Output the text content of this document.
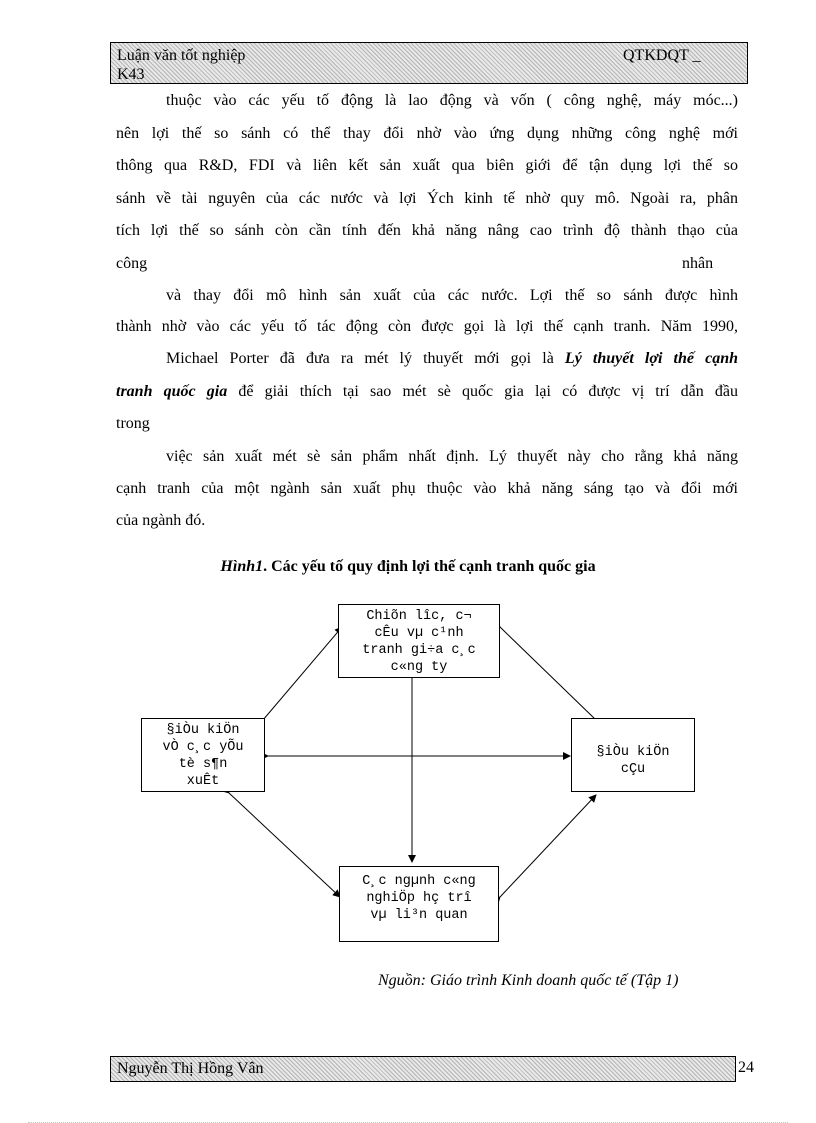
Luận văn tốt nghiệp
K43
QTKDQT _
thuộc vào các yếu tố động là lao động và vốn ( công nghệ, máy móc...)
nên lợi thế so sánh có thể thay đổi nhờ vào ứng dụng những công nghệ mới
thông qua R&D, FDI và liên kết sản xuất qua biên giới để tận dụng lợi thế so
sánh về tài nguyên của các nước và lợi Ých kinh tế nhờ quy mô. Ngoài ra, phân
tích lợi thế so sánh còn cần tính đến khả năng nâng cao trình độ thành thạo của
công	nhân
và thay đổi mô hình sản xuất của các nước. Lợi thế so sánh được hình
thành nhờ vào các yếu tố tác động còn được gọi là lợi thế cạnh tranh. Năm 1990,
Michael Porter đã đưa ra mét lý thuyết mới gọi là Lý thuyết lợi thế cạnh
tranh quốc gia để giải thích tại sao mét sè quốc gia lại có được vị trí dẫn đầu
trong
việc sản xuất mét sè sản phẩm nhất định. Lý thuyết này cho rằng khả năng
cạnh tranh của một ngành sản xuất phụ thuộc vào khả năng sáng tạo và đổi mới
của ngành đó.
Hình1. Các yếu tố quy định lợi thế cạnh tranh quốc gia
Chiõn lîc, c¬
cÊu vµ c¹nh
tranh gi÷a c¸c
c«ng ty
§iÒu kiÖn
vÒ c¸c yÕu
tè s¶n
xuÊt
§iÒu kiÖn
cÇu
C¸c ngµnh c«ng
nghiÖp hç trî
vµ li³n quan
Nguồn: Giáo trình Kinh doanh quốc tế (Tập 1)
Nguyễn Thị Hồng Vân	24
